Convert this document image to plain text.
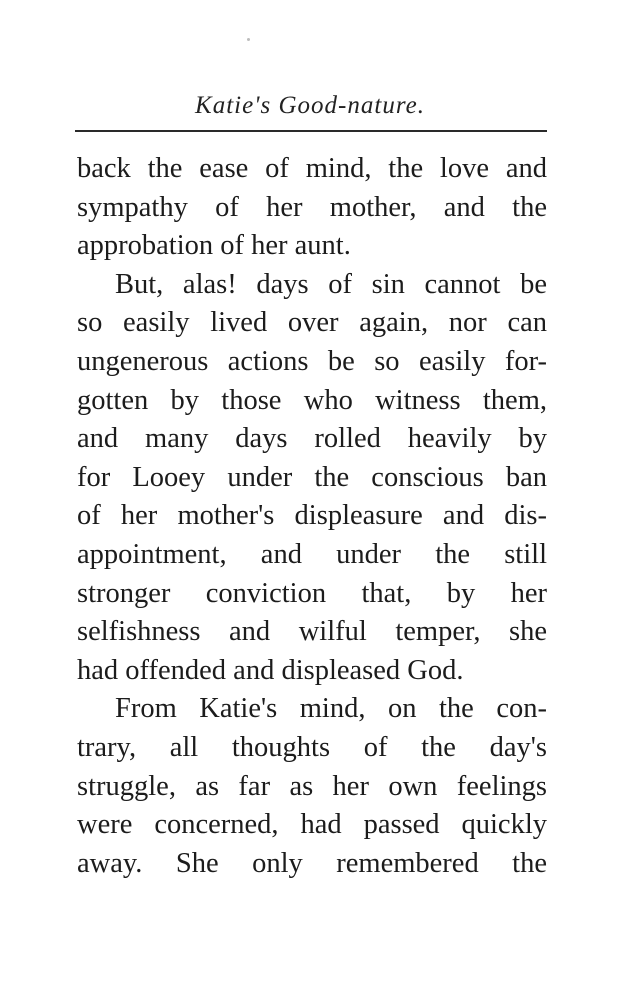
Katie's Good-nature.
back the ease of mind, the love and
sympathy of her mother, and the
approbation of her aunt.
But, alas! days of sin cannot be
so easily lived over again, nor can
ungenerous actions be so easily for-
gotten by those who witness them,
and many days rolled heavily by
for Looey under the conscious ban
of her mother's displeasure and dis-
appointment, and under the still
stronger conviction that, by her
selfishness and wilful temper, she
had offended and displeased God.
From Katie's mind, on the con-
trary, all thoughts of the day's
struggle, as far as her own feelings
were concerned, had passed quickly
away. She only remembered the
